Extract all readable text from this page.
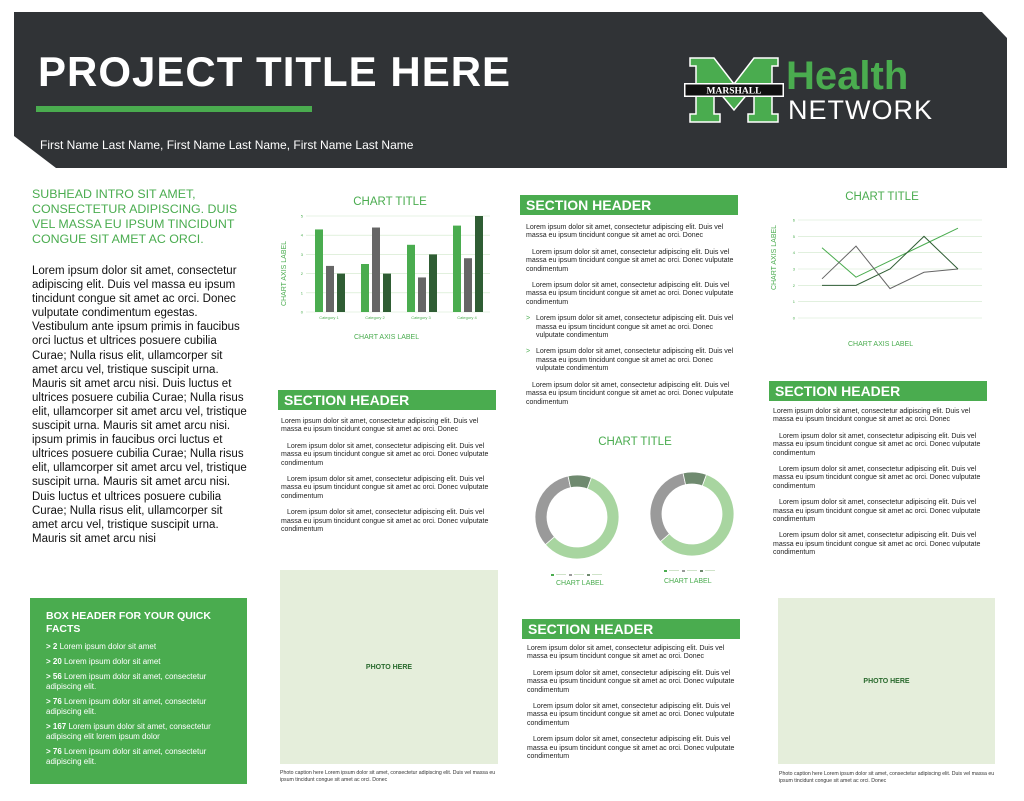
PROJECT TITLE HERE
First Name Last Name, First Name Last Name, First Name Last Name
MARSHALL Health
NETWORK
SUBHEAD INTRO SIT AMET, CONSECTETUR ADIPISCING. DUIS VEL MASSA EU IPSUM TINCIDUNT CONGUE SIT AMET AC ORCI.
Lorem ipsum dolor sit amet, consectetur adipiscing elit. Duis vel massa eu ipsum tincidunt congue sit amet ac orci. Donec vulputate condimentum egestas. Vestibulum ante ipsum primis in faucibus orci luctus et ultrices posuere cubilia Curae; Nulla risus elit, ullamcorper sit amet arcu vel, tristique suscipit urna. Mauris sit amet arcu nisi. Duis luctus et ultrices posuere cubilia Curae; Nulla risus elit, ullamcorper sit amet arcu vel, tristique suscipit urna. Mauris sit amet arcu nisi. ipsum primis in faucibus orci luctus et ultrices posuere cubilia Curae; Nulla risus elit, ullamcorper sit amet arcu vel, tristique suscipit urna. Mauris sit amet arcu nisi. Duis luctus et ultrices posuere cubilia Curae; Nulla risus elit, ullamcorper sit amet arcu vel, tristique suscipit urna. Mauris sit amet arcu nisi
BOX HEADER FOR YOUR QUICK FACTS
> 2 Lorem ipsum dolor sit amet
> 20 Lorem ipsum dolor sit amet
> 56 Lorem ipsum dolor sit amet, consectetur adipiscing elit.
> 76 Lorem ipsum dolor sit amet, consectetur adipiscing elit.
> 167 Lorem ipsum dolor sit amet, consectetur adipiscing elit lorem ipsum dolor
> 76 Lorem ipsum dolor sit amet, consectetur adipiscing elit.
CHART TITLE
CHART AXIS LABEL
0
1
2
3
4
5
Category 1	Category 2	Category 3	Category 4
CHART AXIS LABEL
SECTION HEADER
Lorem ipsum dolor sit amet, consectetur adipiscing elit. Duis vel massa eu ipsum tincidunt congue sit amet ac orci. Donec
Lorem ipsum dolor sit amet, consectetur adipiscing elit. Duis vel massa eu ipsum tincidunt congue sit amet ac orci. Donec vulputate condimentum
Lorem ipsum dolor sit amet, consectetur adipiscing elit. Duis vel massa eu ipsum tincidunt congue sit amet ac orci. Donec vulputate condimentum
Lorem ipsum dolor sit amet, consectetur adipiscing elit. Duis vel massa eu ipsum tincidunt congue sit amet ac orci. Donec vulputate condimentum
PHOTO HERE
Photo caption here Lorem ipsum dolor sit amet, consectetur adipiscing elit. Duis vel massa eu ipsum tincidunt congue sit amet ac orci. Donec
SECTION HEADER
Lorem ipsum dolor sit amet, consectetur adipiscing elit. Duis vel massa eu ipsum tincidunt congue sit amet ac orci. Donec
Lorem ipsum dolor sit amet, consectetur adipiscing elit. Duis vel massa eu ipsum tincidunt congue sit amet ac orci. Donec vulputate condimentum
Lorem ipsum dolor sit amet, consectetur adipiscing elit. Duis vel massa eu ipsum tincidunt congue sit amet ac orci. Donec vulputate condimentum
> Lorem ipsum dolor sit amet, consectetur adipiscing elit. Duis vel massa eu ipsum tincidunt congue sit amet ac orci. Donec vulputate condimentum
> Lorem ipsum dolor sit amet, consectetur adipiscing elit. Duis vel massa eu ipsum tincidunt congue sit amet ac orci. Donec vulputate condimentum
Lorem ipsum dolor sit amet, consectetur adipiscing elit. Duis vel massa eu ipsum tincidunt congue sit amet ac orci. Donec vulputate condimentum
CHART TITLE
CHART LABEL	CHART LABEL
SECTION HEADER
Lorem ipsum dolor sit amet, consectetur adipiscing elit. Duis vel massa eu ipsum tincidunt congue sit amet ac orci. Donec
Lorem ipsum dolor sit amet, consectetur adipiscing elit. Duis vel massa eu ipsum tincidunt congue sit amet ac orci. Donec vulputate condimentum
Lorem ipsum dolor sit amet, consectetur adipiscing elit. Duis vel massa eu ipsum tincidunt congue sit amet ac orci. Donec vulputate condimentum
Lorem ipsum dolor sit amet, consectetur adipiscing elit. Duis vel massa eu ipsum tincidunt congue sit amet ac orci. Donec vulputate condimentum
CHART TITLE
CHART AXIS LABEL
0
1
2
3
4
5
6
CHART AXIS LABEL
SECTION HEADER
Lorem ipsum dolor sit amet, consectetur adipiscing elit. Duis vel massa eu ipsum tincidunt congue sit amet ac orci. Donec
Lorem ipsum dolor sit amet, consectetur adipiscing elit. Duis vel massa eu ipsum tincidunt congue sit amet ac orci. Donec vulputate condimentum
Lorem ipsum dolor sit amet, consectetur adipiscing elit. Duis vel massa eu ipsum tincidunt congue sit amet ac orci. Donec vulputate condimentum
Lorem ipsum dolor sit amet, consectetur adipiscing elit. Duis vel massa eu ipsum tincidunt congue sit amet ac orci. Donec vulputate condimentum
Lorem ipsum dolor sit amet, consectetur adipiscing elit. Duis vel massa eu ipsum tincidunt congue sit amet ac orci. Donec vulputate condimentum
PHOTO HERE
Photo caption here Lorem ipsum dolor sit amet, consectetur adipiscing elit. Duis vel massa eu ipsum tincidunt congue sit amet ac orci. Donec
